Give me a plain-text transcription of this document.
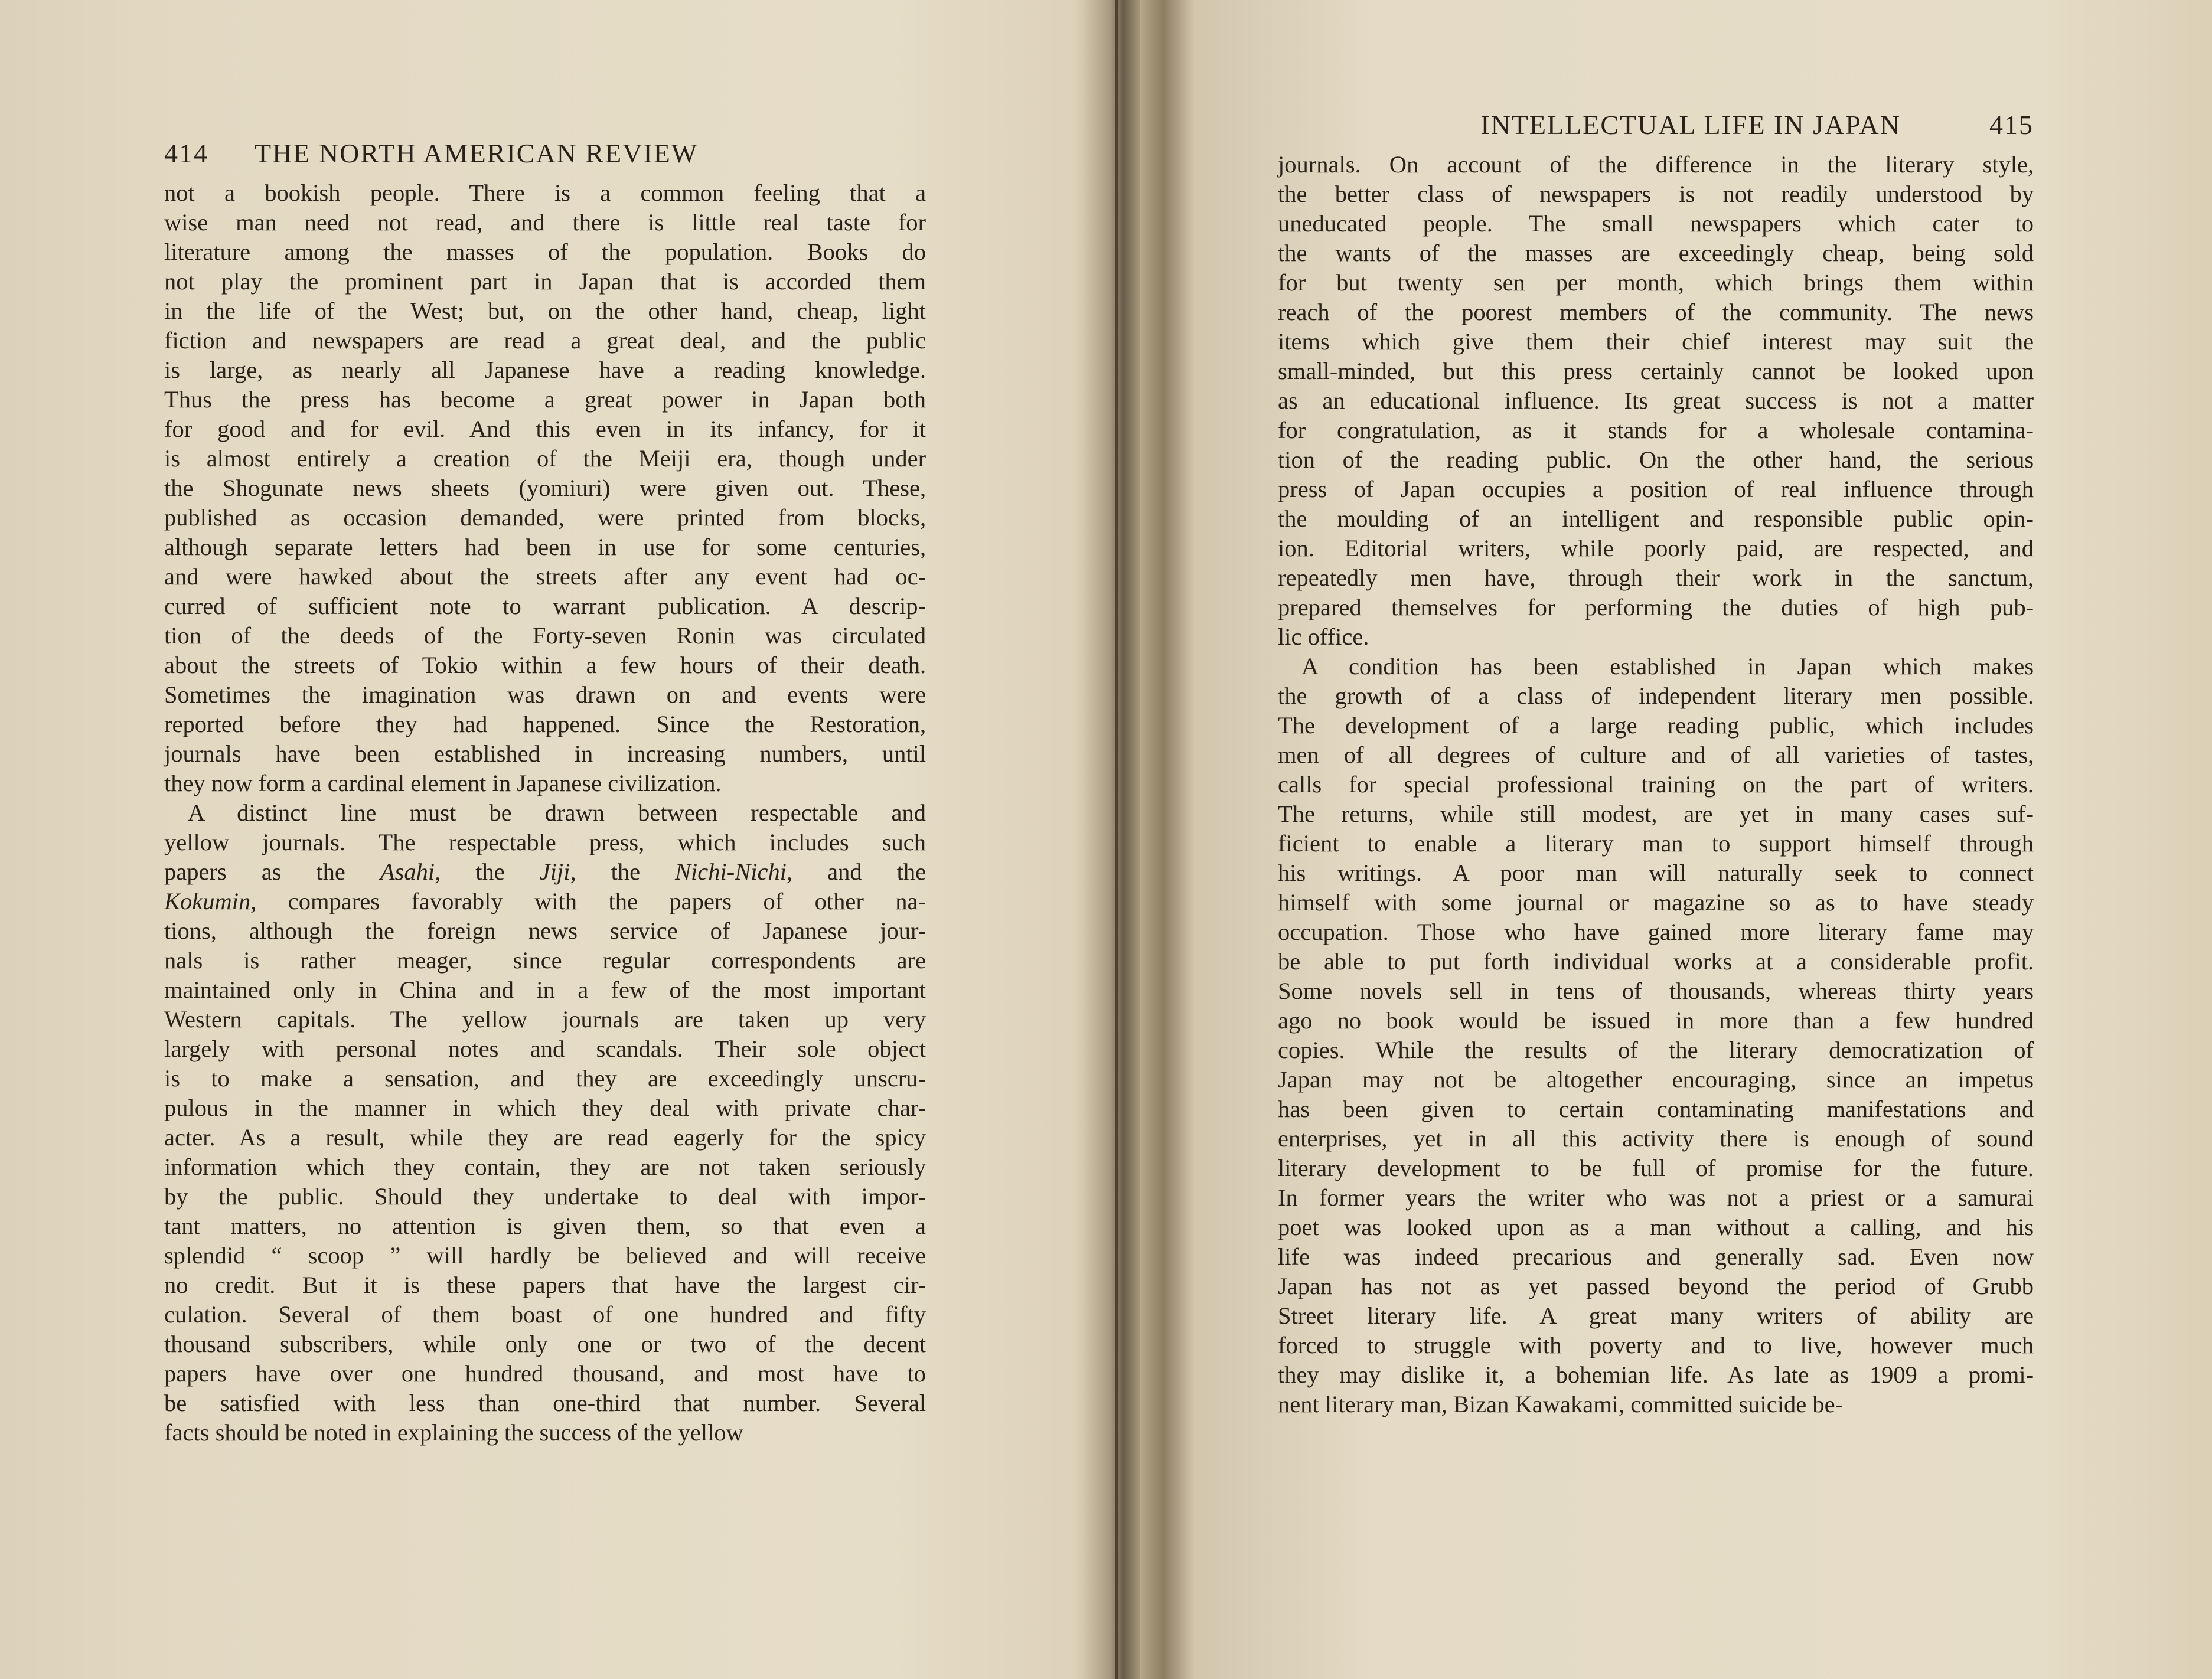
414 THE NORTH AMERICAN REVIEW
not a bookish people. There is a common feeling that a
wise man need not read, and there is little real taste for
literature among the masses of the population. Books do
not play the prominent part in Japan that is accorded them
in the life of the West; but, on the other hand, cheap, light
fiction and newspapers are read a great deal, and the public
is large, as nearly all Japanese have a reading knowledge.
Thus the press has become a great power in Japan both
for good and for evil. And this even in its infancy, for it
is almost entirely a creation of the Meiji era, though under
the Shogunate news sheets (yomiuri) were given out. These,
published as occasion demanded, were printed from blocks,
although separate letters had been in use for some centuries,
and were hawked about the streets after any event had oc-
curred of sufficient note to warrant publication. A descrip-
tion of the deeds of the Forty-seven Ronin was circulated
about the streets of Tokio within a few hours of their death.
Sometimes the imagination was drawn on and events were
reported before they had happened. Since the Restoration,
journals have been established in increasing numbers, until
they now form a cardinal element in Japanese civilization.
A distinct line must be drawn between respectable and
yellow journals. The respectable press, which includes such
papers as the Asahi, the Jiji, the Nichi-Nichi, and the
Kokumin, compares favorably with the papers of other na-
tions, although the foreign news service of Japanese jour-
nals is rather meager, since regular correspondents are
maintained only in China and in a few of the most important
Western capitals. The yellow journals are taken up very
largely with personal notes and scandals. Their sole object
is to make a sensation, and they are exceedingly unscru-
pulous in the manner in which they deal with private char-
acter. As a result, while they are read eagerly for the spicy
information which they contain, they are not taken seriously
by the public. Should they undertake to deal with impor-
tant matters, no attention is given them, so that even a
splendid “ scoop ” will hardly be believed and will receive
no credit. But it is these papers that have the largest cir-
culation. Several of them boast of one hundred and fifty
thousand subscribers, while only one or two of the decent
papers have over one hundred thousand, and most have to
be satisfied with less than one-third that number. Several
facts should be noted in explaining the success of the yellow
INTELLECTUAL LIFE IN JAPAN	415
journals. On account of the difference in the literary style,
the better class of newspapers is not readily understood by
uneducated people. The small newspapers which cater to
the wants of the masses are exceedingly cheap, being sold
for but twenty sen per month, which brings them within
reach of the poorest members of the community. The news
items which give them their chief interest may suit the
small-minded, but this press certainly cannot be looked upon
as an educational influence. Its great success is not a matter
for congratulation, as it stands for a wholesale contamina-
tion of the reading public. On the other hand, the serious
press of Japan occupies a position of real influence through
the moulding of an intelligent and responsible public opin-
ion. Editorial writers, while poorly paid, are respected, and
repeatedly men have, through their work in the sanctum,
prepared themselves for performing the duties of high pub-
lic office.
A condition has been established in Japan which makes
the growth of a class of independent literary men possible.
The development of a large reading public, which includes
men of all degrees of culture and of all varieties of tastes,
calls for special professional training on the part of writers.
The returns, while still modest, are yet in many cases suf-
ficient to enable a literary man to support himself through
his writings. A poor man will naturally seek to connect
himself with some journal or magazine so as to have steady
occupation. Those who have gained more literary fame may
be able to put forth individual works at a considerable profit.
Some novels sell in tens of thousands, whereas thirty years
ago no book would be issued in more than a few hundred
copies. While the results of the literary democratization of
Japan may not be altogether encouraging, since an impetus
has been given to certain contaminating manifestations and
enterprises, yet in all this activity there is enough of sound
literary development to be full of promise for the future.
In former years the writer who was not a priest or a samurai
poet was looked upon as a man without a calling, and his
life was indeed precarious and generally sad. Even now
Japan has not as yet passed beyond the period of Grubb
Street literary life. A great many writers of ability are
forced to struggle with poverty and to live, however much
they may dislike it, a bohemian life. As late as 1909 a promi-
nent literary man, Bizan Kawakami, committed suicide be-
